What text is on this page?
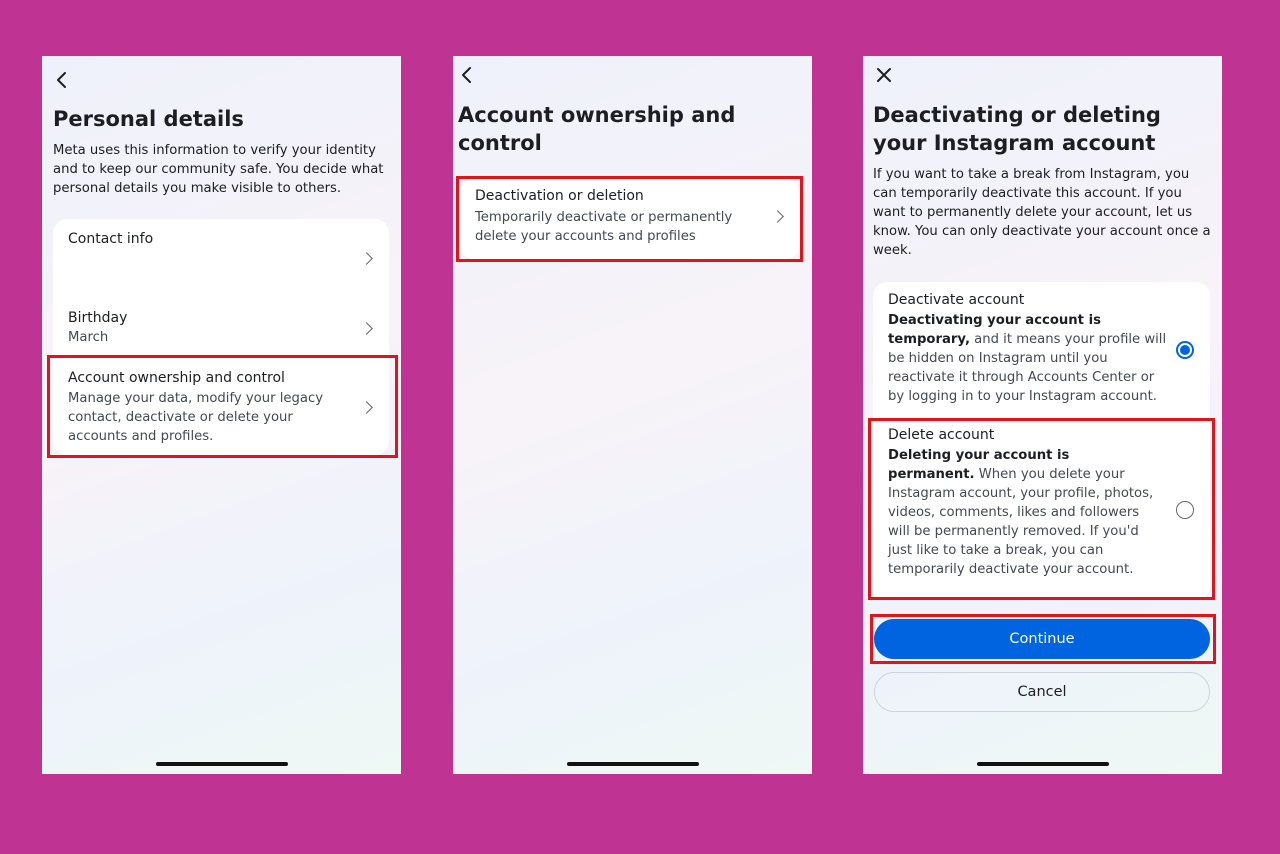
Personal details
Meta uses this information to verify your identity and to keep our community safe. You decide what personal details you make visible to others.
Contact info
Birthday
March
Account ownership and control
Manage your data, modify your legacy contact, deactivate or delete your accounts and profiles.
Account ownership and control
Deactivation or deletion
Temporarily deactivate or permanently delete your accounts and profiles
Deactivating or deleting your Instagram account
If you want to take a break from Instagram, you can temporarily deactivate this account. If you want to permanently delete your account, let us know. You can only deactivate your account once a week.
Deactivate account
Deactivating your account is temporary, and it means your profile will be hidden on Instagram until you reactivate it through Accounts Center or by logging in to your Instagram account.
Delete account
Deleting your account is permanent. When you delete your Instagram account, your profile, photos, videos, comments, likes and followers will be permanently removed. If you'd just like to take a break, you can temporarily deactivate your account.
Continue
Cancel
